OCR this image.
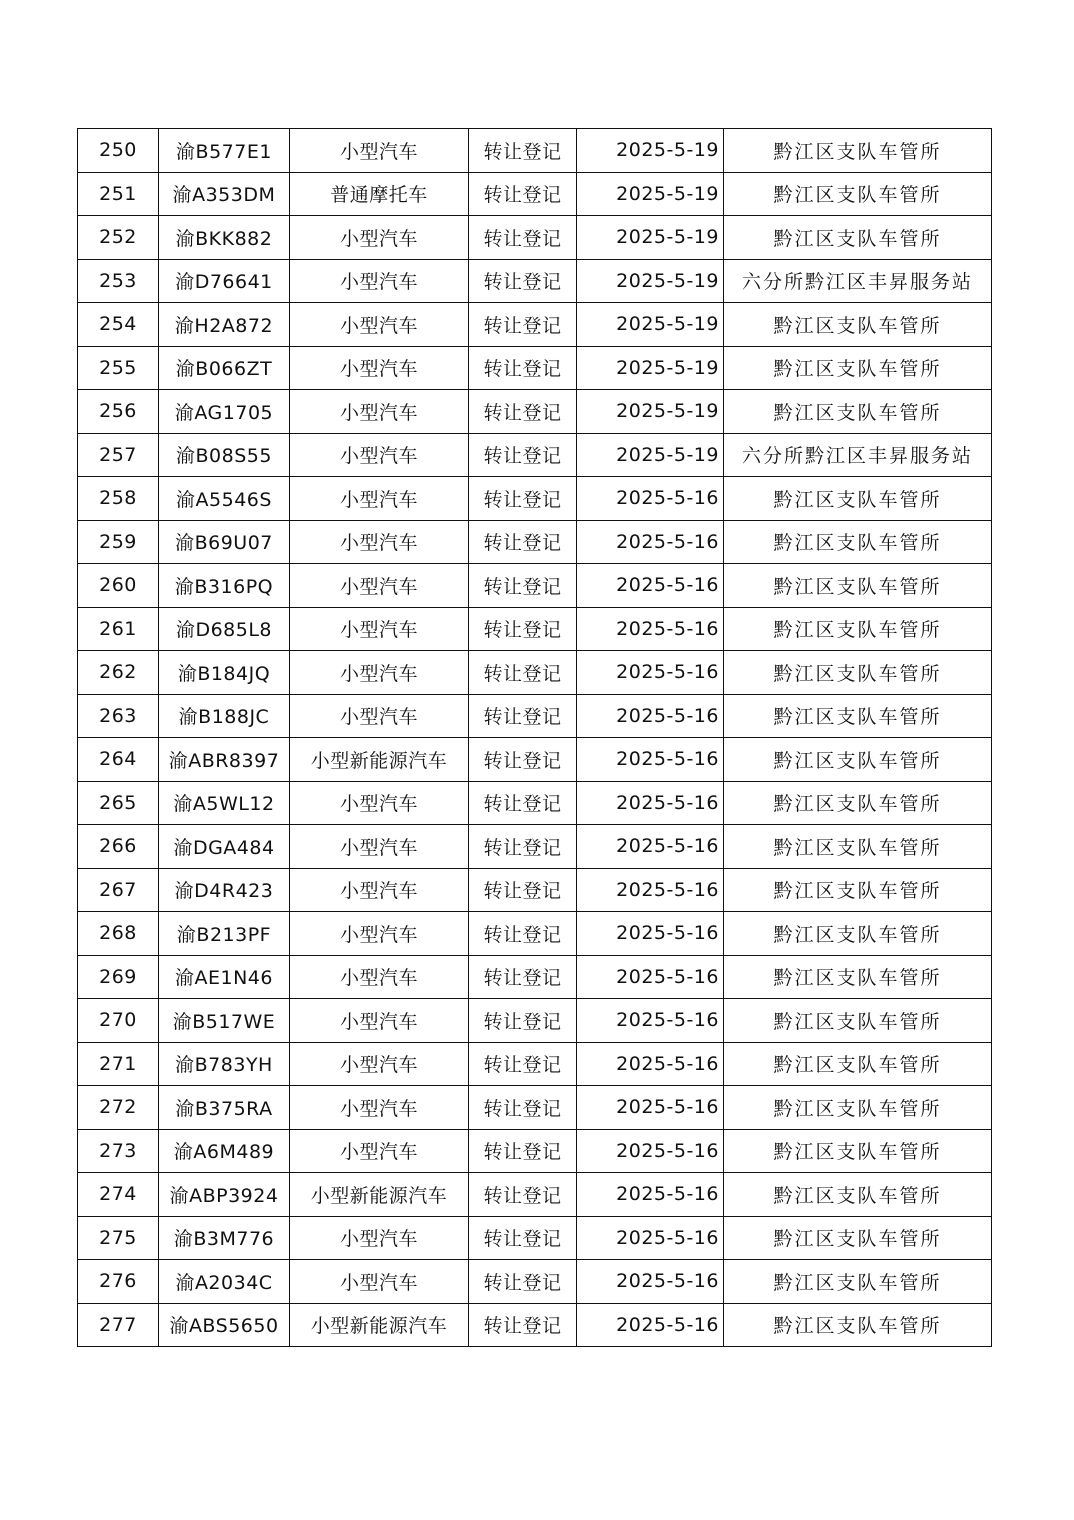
250	渝B577E1	小型汽车	转让登记	2025-5-19	黔江区支队车管所
251	渝A353DM	普通摩托车	转让登记	2025-5-19	黔江区支队车管所
252	渝BKK882	小型汽车	转让登记	2025-5-19	黔江区支队车管所
253	渝D76641	小型汽车	转让登记	2025-5-19	六分所黔江区丰昇服务站
254	渝H2A872	小型汽车	转让登记	2025-5-19	黔江区支队车管所
255	渝B066ZT	小型汽车	转让登记	2025-5-19	黔江区支队车管所
256	渝AG1705	小型汽车	转让登记	2025-5-19	黔江区支队车管所
257	渝B08S55	小型汽车	转让登记	2025-5-19	六分所黔江区丰昇服务站
258	渝A5546S	小型汽车	转让登记	2025-5-16	黔江区支队车管所
259	渝B69U07	小型汽车	转让登记	2025-5-16	黔江区支队车管所
260	渝B316PQ	小型汽车	转让登记	2025-5-16	黔江区支队车管所
261	渝D685L8	小型汽车	转让登记	2025-5-16	黔江区支队车管所
262	渝B184JQ	小型汽车	转让登记	2025-5-16	黔江区支队车管所
263	渝B188JC	小型汽车	转让登记	2025-5-16	黔江区支队车管所
264	渝ABR8397	小型新能源汽车	转让登记	2025-5-16	黔江区支队车管所
265	渝A5WL12	小型汽车	转让登记	2025-5-16	黔江区支队车管所
266	渝DGA484	小型汽车	转让登记	2025-5-16	黔江区支队车管所
267	渝D4R423	小型汽车	转让登记	2025-5-16	黔江区支队车管所
268	渝B213PF	小型汽车	转让登记	2025-5-16	黔江区支队车管所
269	渝AE1N46	小型汽车	转让登记	2025-5-16	黔江区支队车管所
270	渝B517WE	小型汽车	转让登记	2025-5-16	黔江区支队车管所
271	渝B783YH	小型汽车	转让登记	2025-5-16	黔江区支队车管所
272	渝B375RA	小型汽车	转让登记	2025-5-16	黔江区支队车管所
273	渝A6M489	小型汽车	转让登记	2025-5-16	黔江区支队车管所
274	渝ABP3924	小型新能源汽车	转让登记	2025-5-16	黔江区支队车管所
275	渝B3M776	小型汽车	转让登记	2025-5-16	黔江区支队车管所
276	渝A2034C	小型汽车	转让登记	2025-5-16	黔江区支队车管所
277	渝ABS5650	小型新能源汽车	转让登记	2025-5-16	黔江区支队车管所
